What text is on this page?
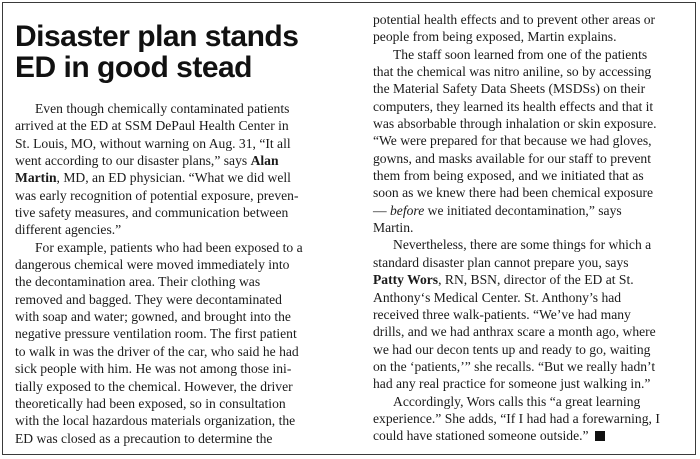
Disaster plan stands
ED in good stead

Even though chemically contaminated patients
arrived at the ED at SSM DePaul Health Center in
St. Louis, MO, without warning on Aug. 31, “It all
went according to our disaster plans,” says Alan
Martin, MD, an ED physician. “What we did well
was early recognition of potential exposure, preven-
tive safety measures, and communication between
different agencies.”

For example, patients who had been exposed to a
dangerous chemical were moved immediately into
the decontamination area. Their clothing was
removed and bagged. They were decontaminated
with soap and water; gowned, and brought into the
negative pressure ventilation room. The first patient
to walk in was the driver of the car, who said he had
sick people with him. He was not among those ini-
tially exposed to the chemical. However, the driver
theoretically had been exposed, so in consultation
with the local hazardous materials organization, the
ED was closed as a precaution to determine the

potential health effects and to prevent other areas or
people from being exposed, Martin explains.

The staff soon learned from one of the patients
that the chemical was nitro aniline, so by accessing
the Material Safety Data Sheets (MSDSs) on their
computers, they learned its health effects and that it
was absorbable through inhalation or skin exposure.
“We were prepared for that because we had gloves,
gowns, and masks available for our staff to prevent
them from being exposed, and we initiated that as
soon as we knew there had been chemical exposure
— before we initiated decontamination,” says
Martin.

Nevertheless, there are some things for which a
standard disaster plan cannot prepare you, says
Patty Wors, RN, BSN, director of the ED at St.
Anthony‘s Medical Center. St. Anthony’s had
received three walk-patients. “We’ve had many
drills, and we had anthrax scare a month ago, where
we had our decon tents up and ready to go, waiting
on the ‘patients,’” she recalls. “But we really hadn’t
had any real practice for someone just walking in.”

Accordingly, Wors calls this “a great learning
experience.” She adds, “If I had had a forewarning, I
could have stationed someone outside.”
